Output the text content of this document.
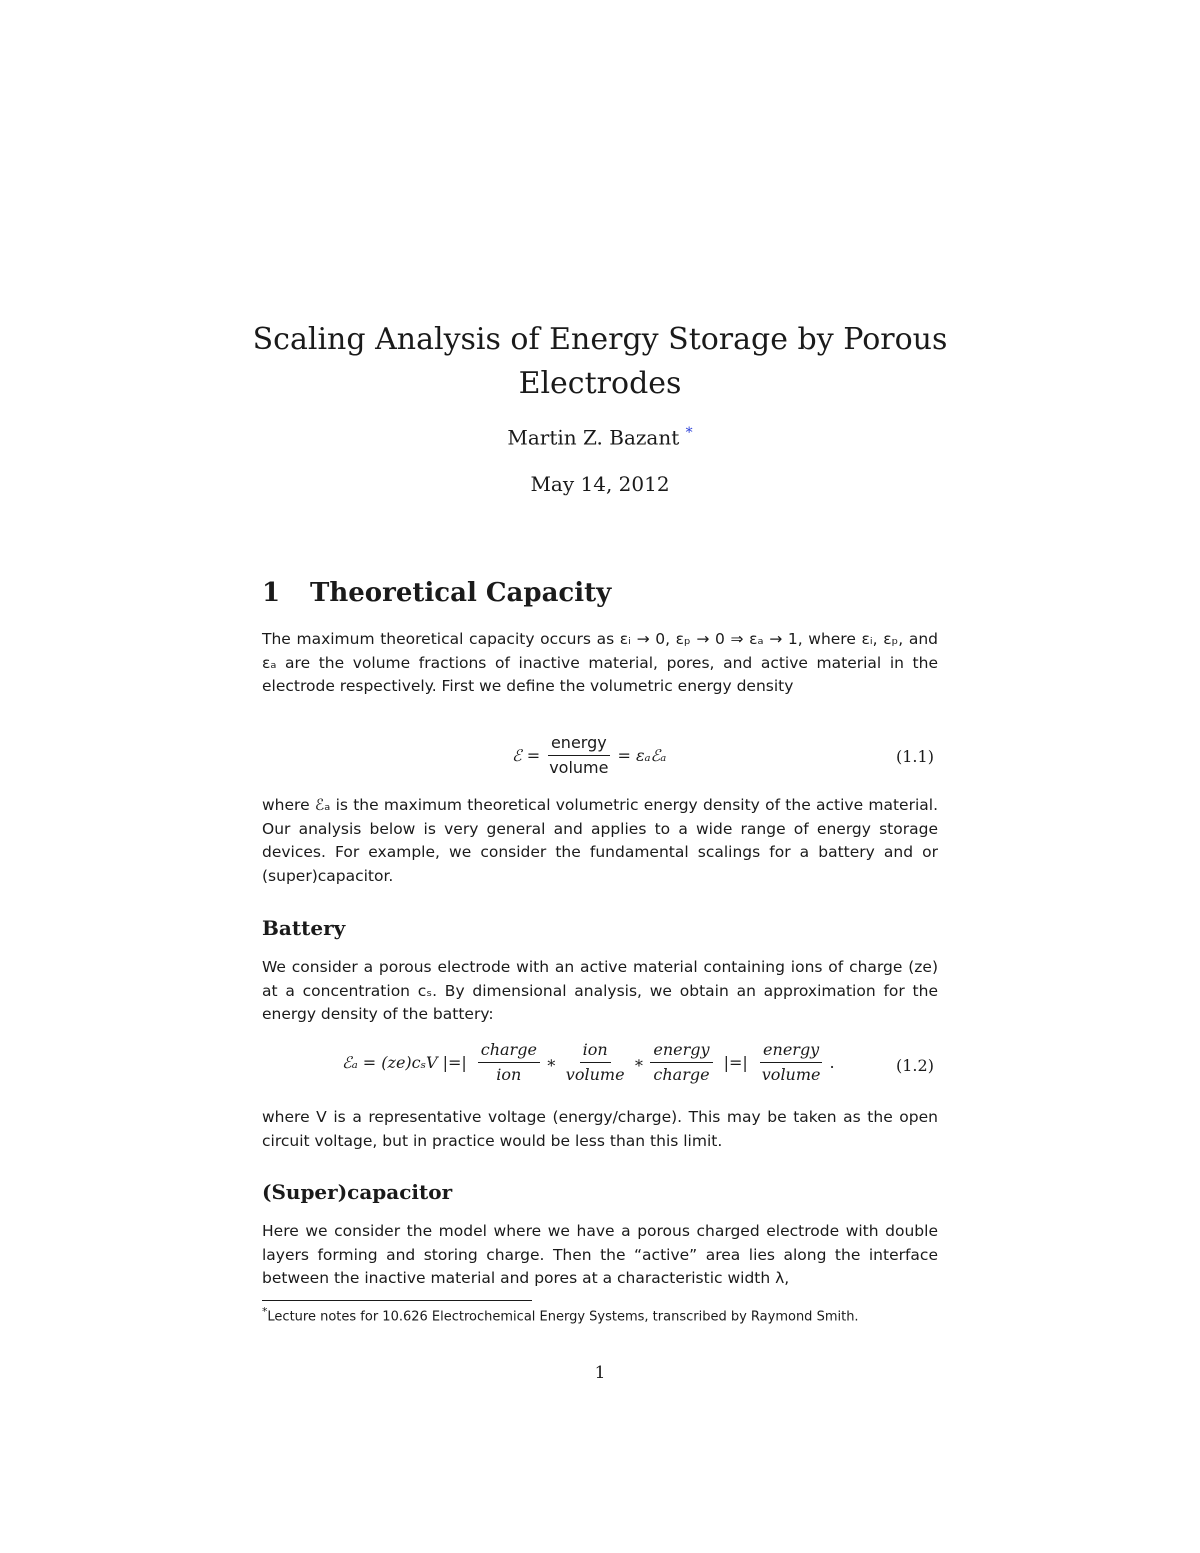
Scaling Analysis of Energy Storage by Porous Electrodes
Martin Z. Bazant *
May 14, 2012
1 Theoretical Capacity

The maximum theoretical capacity occurs as εᵢ → 0, εₚ → 0 ⇒ εₐ → 1, where εᵢ, εₚ, and εₐ are the volume fractions of inactive material, pores, and active material in the electrode respectively. First we define the volumetric energy density

ℰ = $\frac{\text{energy}}{\text{volume}}$ = εₐℰₐ	(1.1)

where ℰₐ is the maximum theoretical volumetric energy density of the active material. Our analysis below is very general and applies to a wide range of energy storage devices. For example, we consider the fundamental scalings for a battery and or (super)capacitor.

Battery

We consider a porous electrode with an active material containing ions of charge (ze) at a concentration cₛ. By dimensional analysis, we obtain an approximation for the energy density of the battery:

ℰₐ = (ze)cₛV |=| $\frac{\text{charge}}{\text{ion}}$ ∗ $\frac{\text{ion}}{\text{volume}}$ ∗ $\frac{\text{energy}}{\text{charge}}$ |=| $\frac{\text{energy}}{\text{volume}}$ .	(1.2)

where V is a representative voltage (energy/charge). This may be taken as the open circuit voltage, but in practice would be less than this limit.

(Super)capacitor

Here we consider the model where we have a porous charged electrode with double layers forming and storing charge. Then the “active” area lies along the interface between the inactive material and pores at a characteristic width λ,

*Lecture notes for 10.626 Electrochemical Energy Systems, transcribed by Raymond Smith.
1
